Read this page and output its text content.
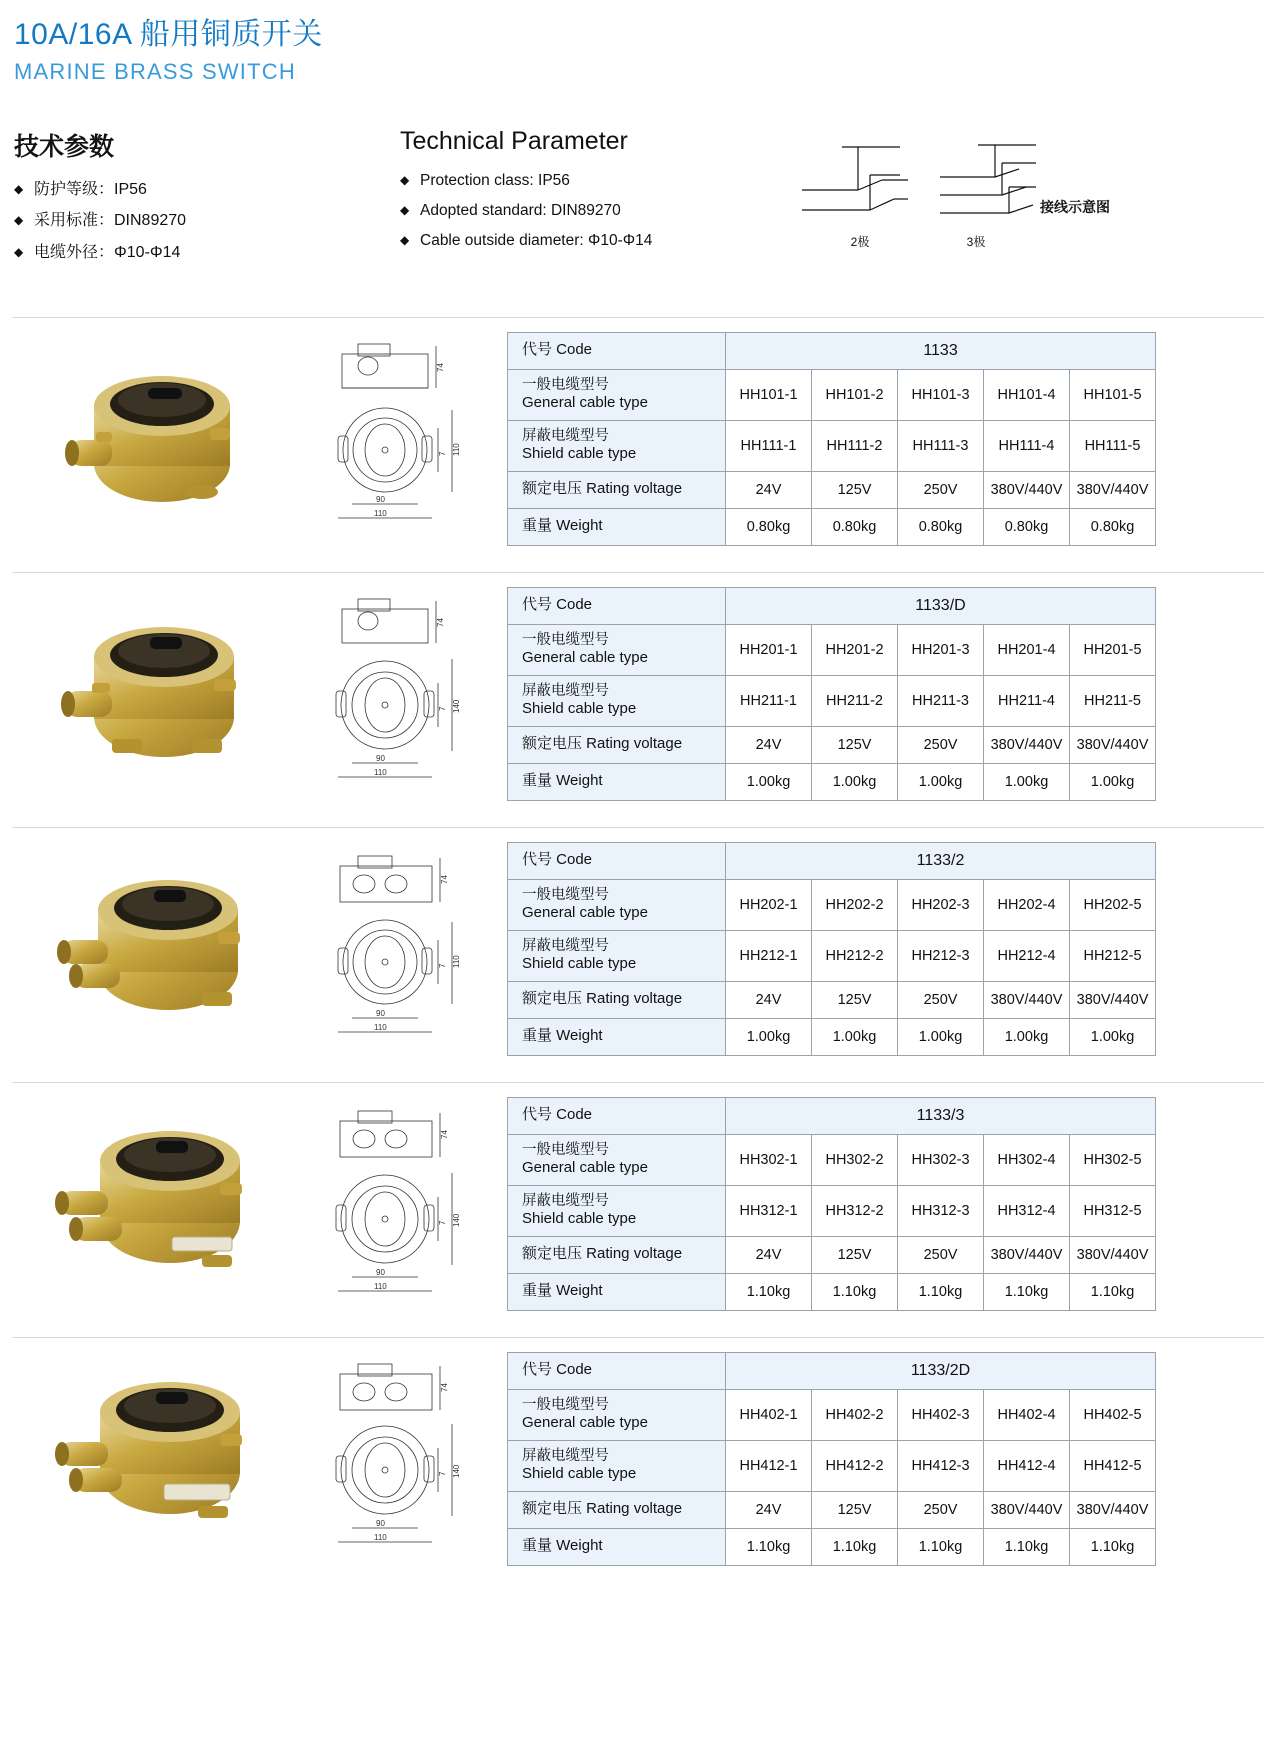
10A/16A 船用铜质开关
MARINE BRASS SWITCH
技术参数
◆ 防护等级：IP56
◆ 采用标准：DIN89270
◆ 电缆外径：Φ10-Φ14
Technical Parameter
◆ Protection class: IP56
◆ Adopted standard: DIN89270
◆ Cable outside diameter: Φ10-Φ14	2极	3极
接线示意图
74
7 110
90
110
代号 Code	1133				

一般电缆型号
General cable type	HH101-1	HH101-2	HH101-3	HH101-4	HH101-5

屏蔽电缆型号
Shield cable type	HH111-1	HH111-2	HH111-3	HH111-4	HH111-5
额定电压 Rating voltage	24V	125V	250V	380V/440V	380V/440V
重量 Weight	0.80kg	0.80kg	0.80kg	0.80kg	0.80kg
74
7 140
90
110
代号 Code	1133/D				

一般电缆型号
General cable type	HH201-1	HH201-2	HH201-3	HH201-4	HH201-5

屏蔽电缆型号
Shield cable type	HH211-1	HH211-2	HH211-3	HH211-4	HH211-5
额定电压 Rating voltage	24V	125V	250V	380V/440V	380V/440V
重量 Weight	1.00kg	1.00kg	1.00kg	1.00kg	1.00kg
74
7 110
90
110
代号 Code	1133/2				

一般电缆型号
General cable type	HH202-1	HH202-2	HH202-3	HH202-4	HH202-5

屏蔽电缆型号
Shield cable type	HH212-1	HH212-2	HH212-3	HH212-4	HH212-5
额定电压 Rating voltage	24V	125V	250V	380V/440V	380V/440V
重量 Weight	1.00kg	1.00kg	1.00kg	1.00kg	1.00kg
74
7 140
90
110
代号 Code	1133/3				

一般电缆型号
General cable type	HH302-1	HH302-2	HH302-3	HH302-4	HH302-5

屏蔽电缆型号
Shield cable type	HH312-1	HH312-2	HH312-3	HH312-4	HH312-5
额定电压 Rating voltage	24V	125V	250V	380V/440V	380V/440V
重量 Weight	1.10kg	1.10kg	1.10kg	1.10kg	1.10kg
74
7 140
90
110
代号 Code	1133/2D				

一般电缆型号
General cable type	HH402-1	HH402-2	HH402-3	HH402-4	HH402-5

屏蔽电缆型号
Shield cable type	HH412-1	HH412-2	HH412-3	HH412-4	HH412-5
额定电压 Rating voltage	24V	125V	250V	380V/440V	380V/440V
重量 Weight	1.10kg	1.10kg	1.10kg	1.10kg	1.10kg
